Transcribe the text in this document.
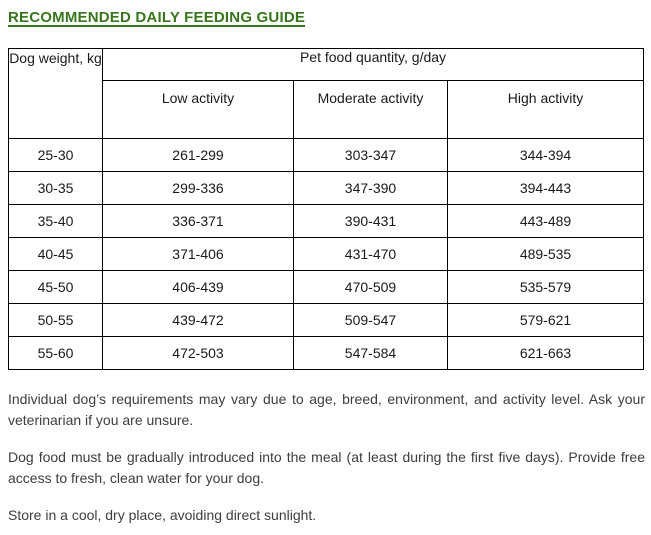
RECOMMENDED DAILY FEEDING GUIDE
Dog weight, kg	Pet food quantity, g/day		
	Low activity	Moderate activity	High activity
25-30	261-299	303-347	344-394
30-35	299-336	347-390	394-443
35-40	336-371	390-431	443-489
40-45	371-406	431-470	489-535
45-50	406-439	470-509	535-579
50-55	439-472	509-547	579-621
55-60	472-503	547-584	621-663

Individual dog’s requirements may vary due to age, breed, environment, and activity level. Ask your veterinarian if you are unsure.

Dog food must be gradually introduced into the meal (at least during the first five days). Provide free access to fresh, clean water for your dog.

Store in a cool, dry place, avoiding direct sunlight.
